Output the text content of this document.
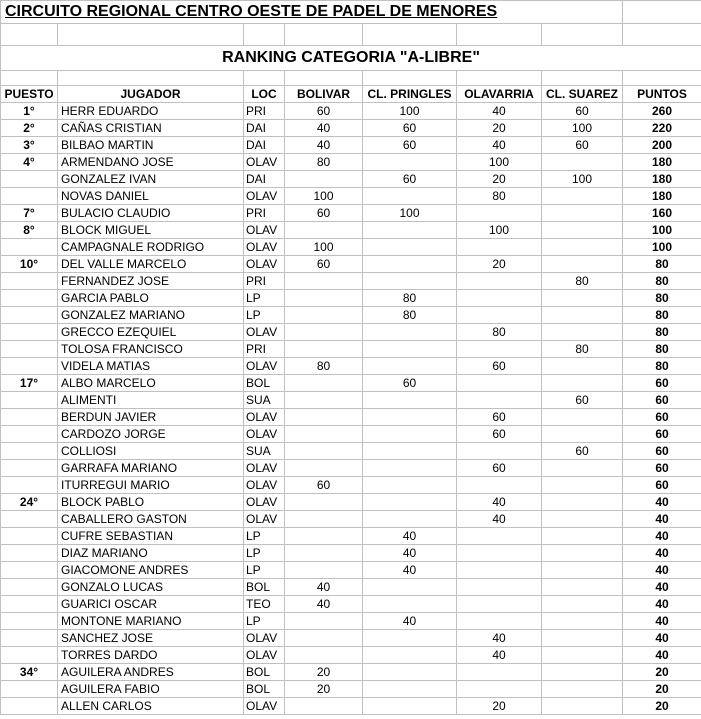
CIRCUITO REGIONAL CENTRO OESTE DE PADEL DE MENORES							

RANKING CATEGORIA "A-LIBRE"							

PUESTO	JUGADOR	LOC	BOLIVAR	CL. PRINGLES	OLAVARRIA	CL. SUAREZ	PUNTOS
1°	HERR EDUARDO	PRI	60	100	40	60	260
2°	CAÑAS CRISTIAN	DAI	40	60	20	100	220
3°	BILBAO MARTIN	DAI	40	60	40	60	200
4°	ARMENDANO JOSE	OLAV	80		100		180
	GONZALEZ IVAN	DAI		60	20	100	180
	NOVAS DANIEL	OLAV	100		80		180
7°	BULACIO CLAUDIO	PRI	60	100			160
8°	BLOCK MIGUEL	OLAV			100		100
	CAMPAGNALE RODRIGO	OLAV	100				100
10°	DEL VALLE MARCELO	OLAV	60		20		80
	FERNANDEZ JOSE	PRI				80	80
	GARCIA PABLO	LP		80			80
	GONZALEZ MARIANO	LP		80			80
	GRECCO EZEQUIEL	OLAV			80		80
	TOLOSA FRANCISCO	PRI				80	80
	VIDELA MATIAS	OLAV	80		60		80
17°	ALBO MARCELO	BOL		60			60
	ALIMENTI	SUA				60	60
	BERDUN JAVIER	OLAV			60		60
	CARDOZO JORGE	OLAV			60		60
	COLLIOSI	SUA				60	60
	GARRAFA MARIANO	OLAV			60		60
	ITURREGUI MARIO	OLAV	60				60
24°	BLOCK PABLO	OLAV			40		40
	CABALLERO GASTON	OLAV			40		40
	CUFRE SEBASTIAN	LP		40			40
	DIAZ MARIANO	LP		40			40
	GIACOMONE ANDRES	LP		40			40
	GONZALO LUCAS	BOL	40				40
	GUARICI OSCAR	TEO	40				40
	MONTONE MARIANO	LP		40			40
	SANCHEZ JOSE	OLAV			40		40
	TORRES DARDO	OLAV			40		40
34°	AGUILERA ANDRES	BOL	20				20
	AGUILERA FABIO	BOL	20				20
	ALLEN CARLOS	OLAV			20		20
